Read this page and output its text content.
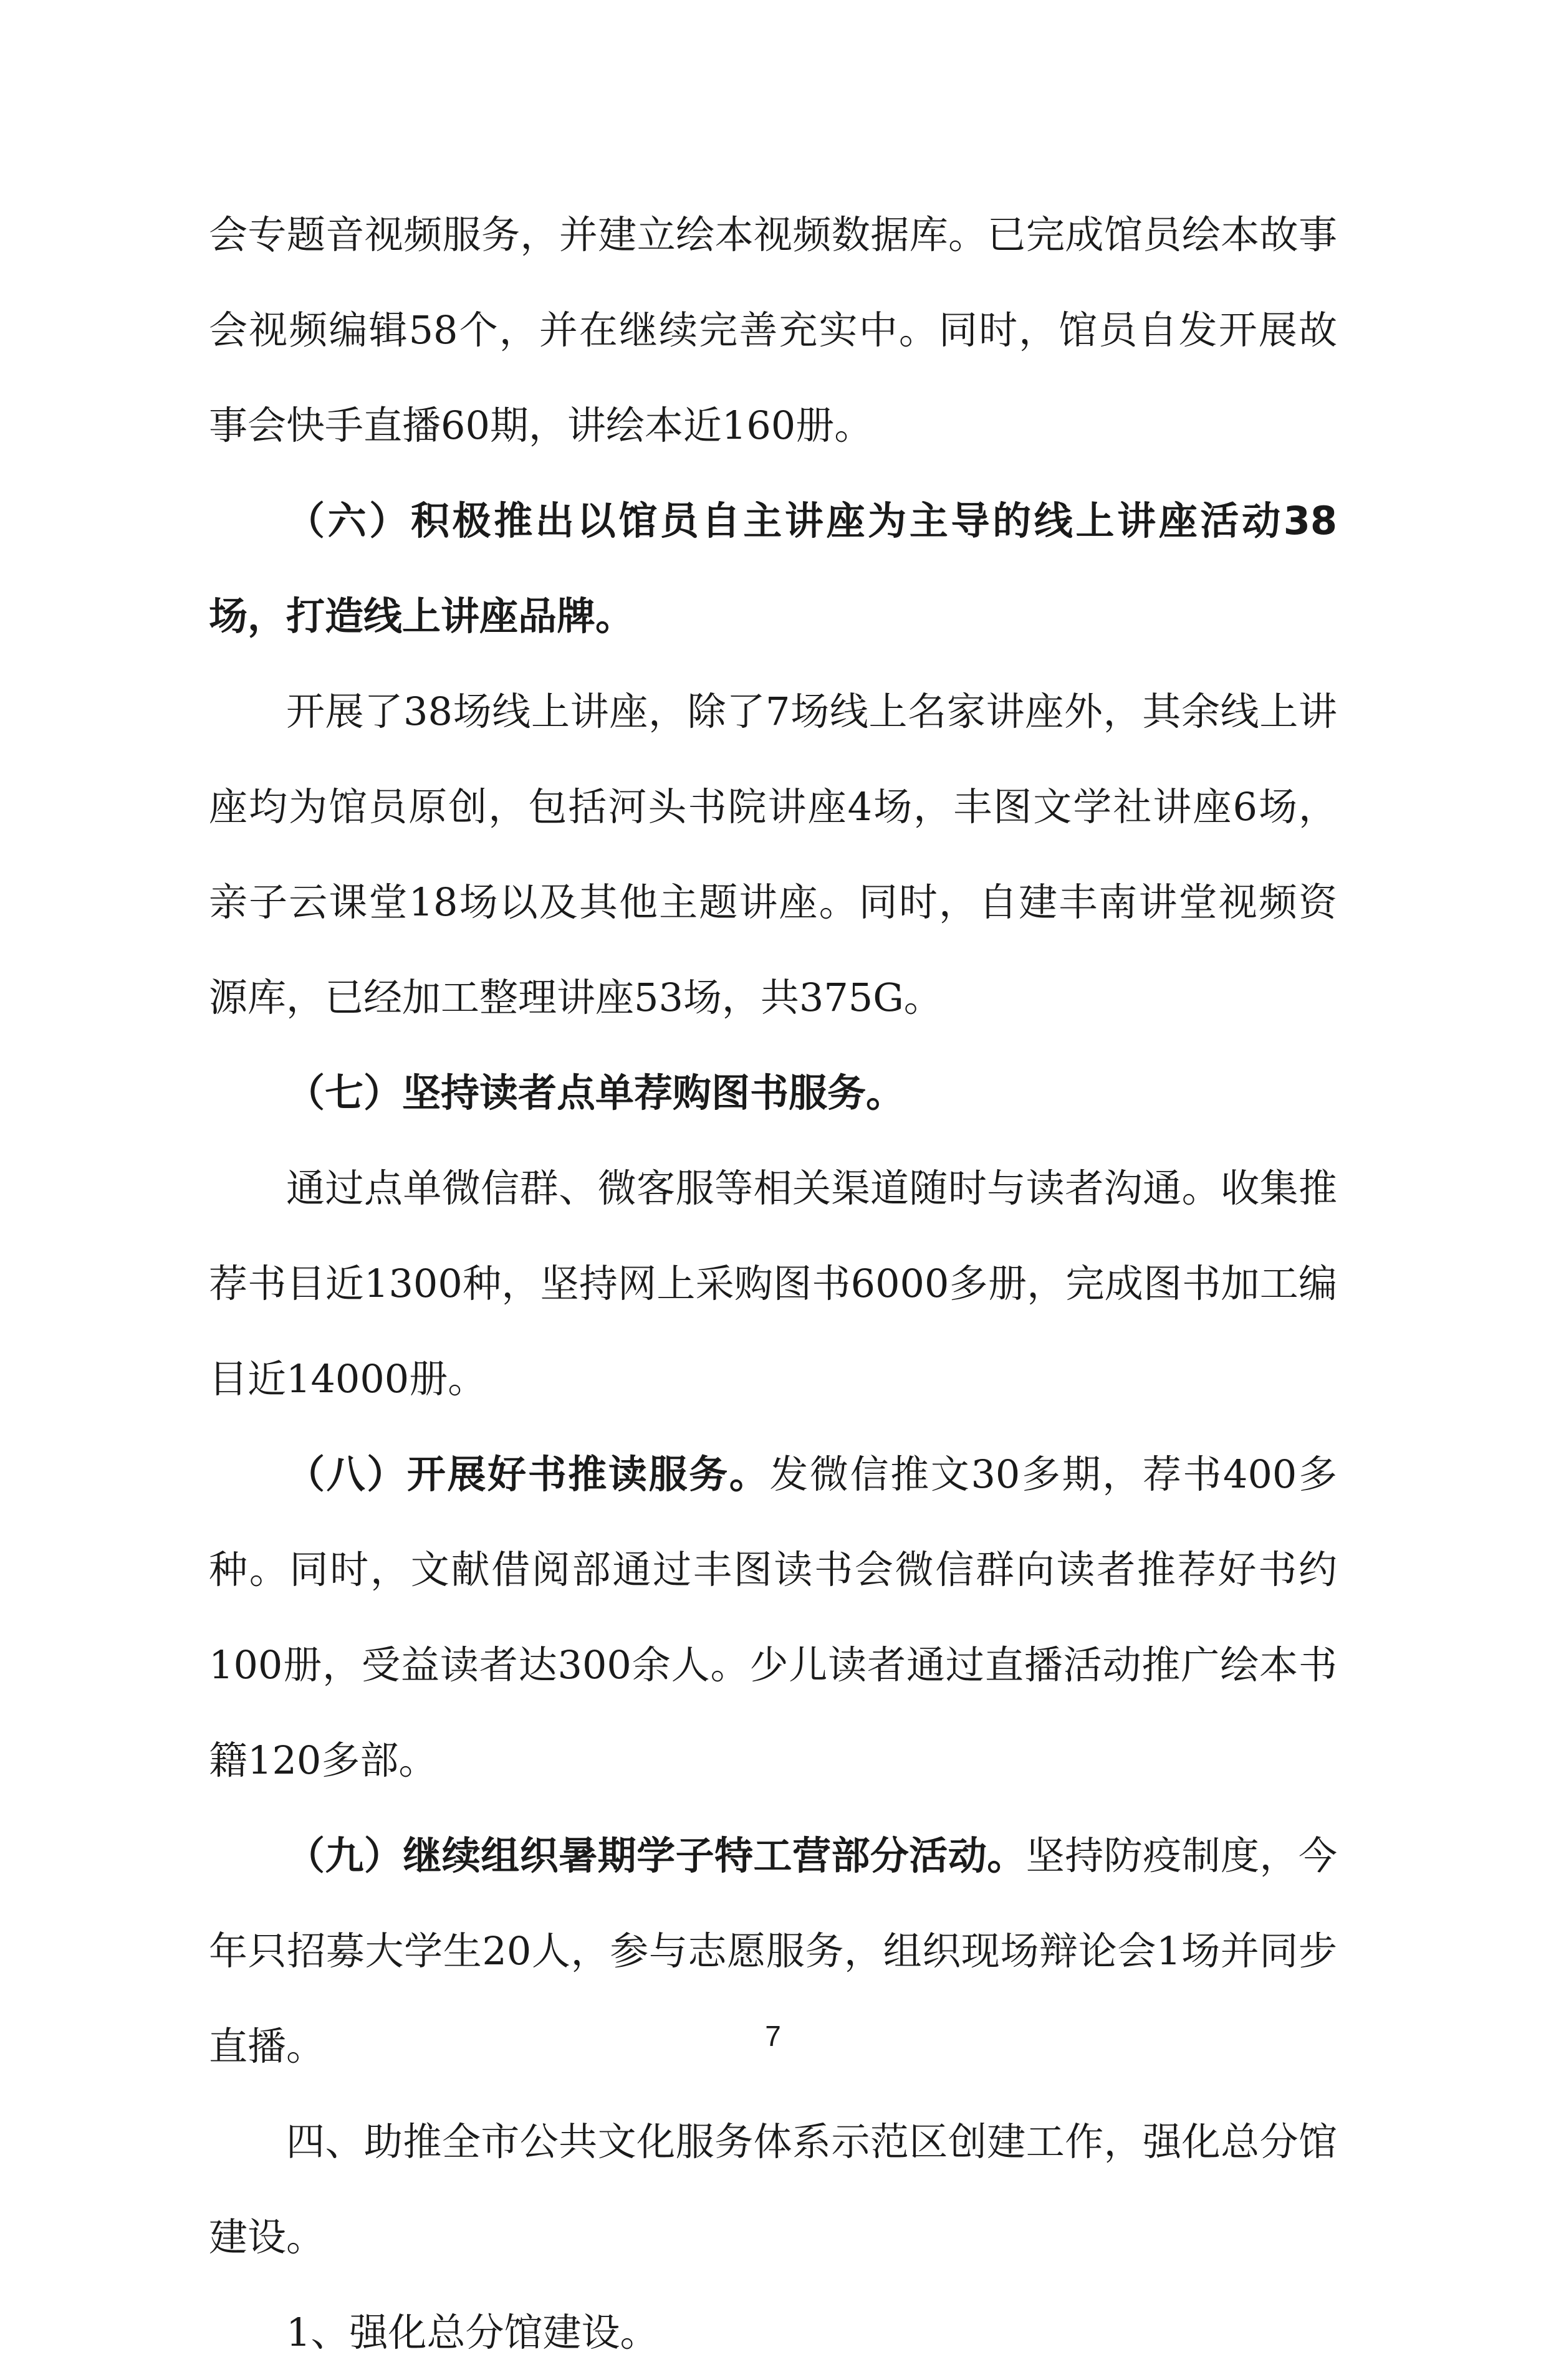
会专题音视频服务，并建立绘本视频数据库。已完成馆员绘本故事会视频编辑58个，并在继续完善充实中。同时，馆员自发开展故事会快手直播60期，讲绘本近160册。

（六）积极推出以馆员自主讲座为主导的线上讲座活动38场，打造线上讲座品牌。

开展了38场线上讲座，除了7场线上名家讲座外，其余线上讲座均为馆员原创，包括河头书院讲座4场，丰图文学社讲座6场，亲子云课堂18场以及其他主题讲座。同时，自建丰南讲堂视频资源库，已经加工整理讲座53场，共375G。

（七）坚持读者点单荐购图书服务。

通过点单微信群、微客服等相关渠道随时与读者沟通。收集推荐书目近1300种，坚持网上采购图书6000多册，完成图书加工编目近14000册。

（八）开展好书推读服务。发微信推文30多期，荐书400多种。同时，文献借阅部通过丰图读书会微信群向读者推荐好书约100册，受益读者达300余人。少儿读者通过直播活动推广绘本书籍120多部。

（九）继续组织暑期学子特工营部分活动。坚持防疫制度，今年只招募大学生20人，参与志愿服务，组织现场辩论会1场并同步直播。

四、助推全市公共文化服务体系示范区创建工作，强化总分馆建设。

1、强化总分馆建设。

7
